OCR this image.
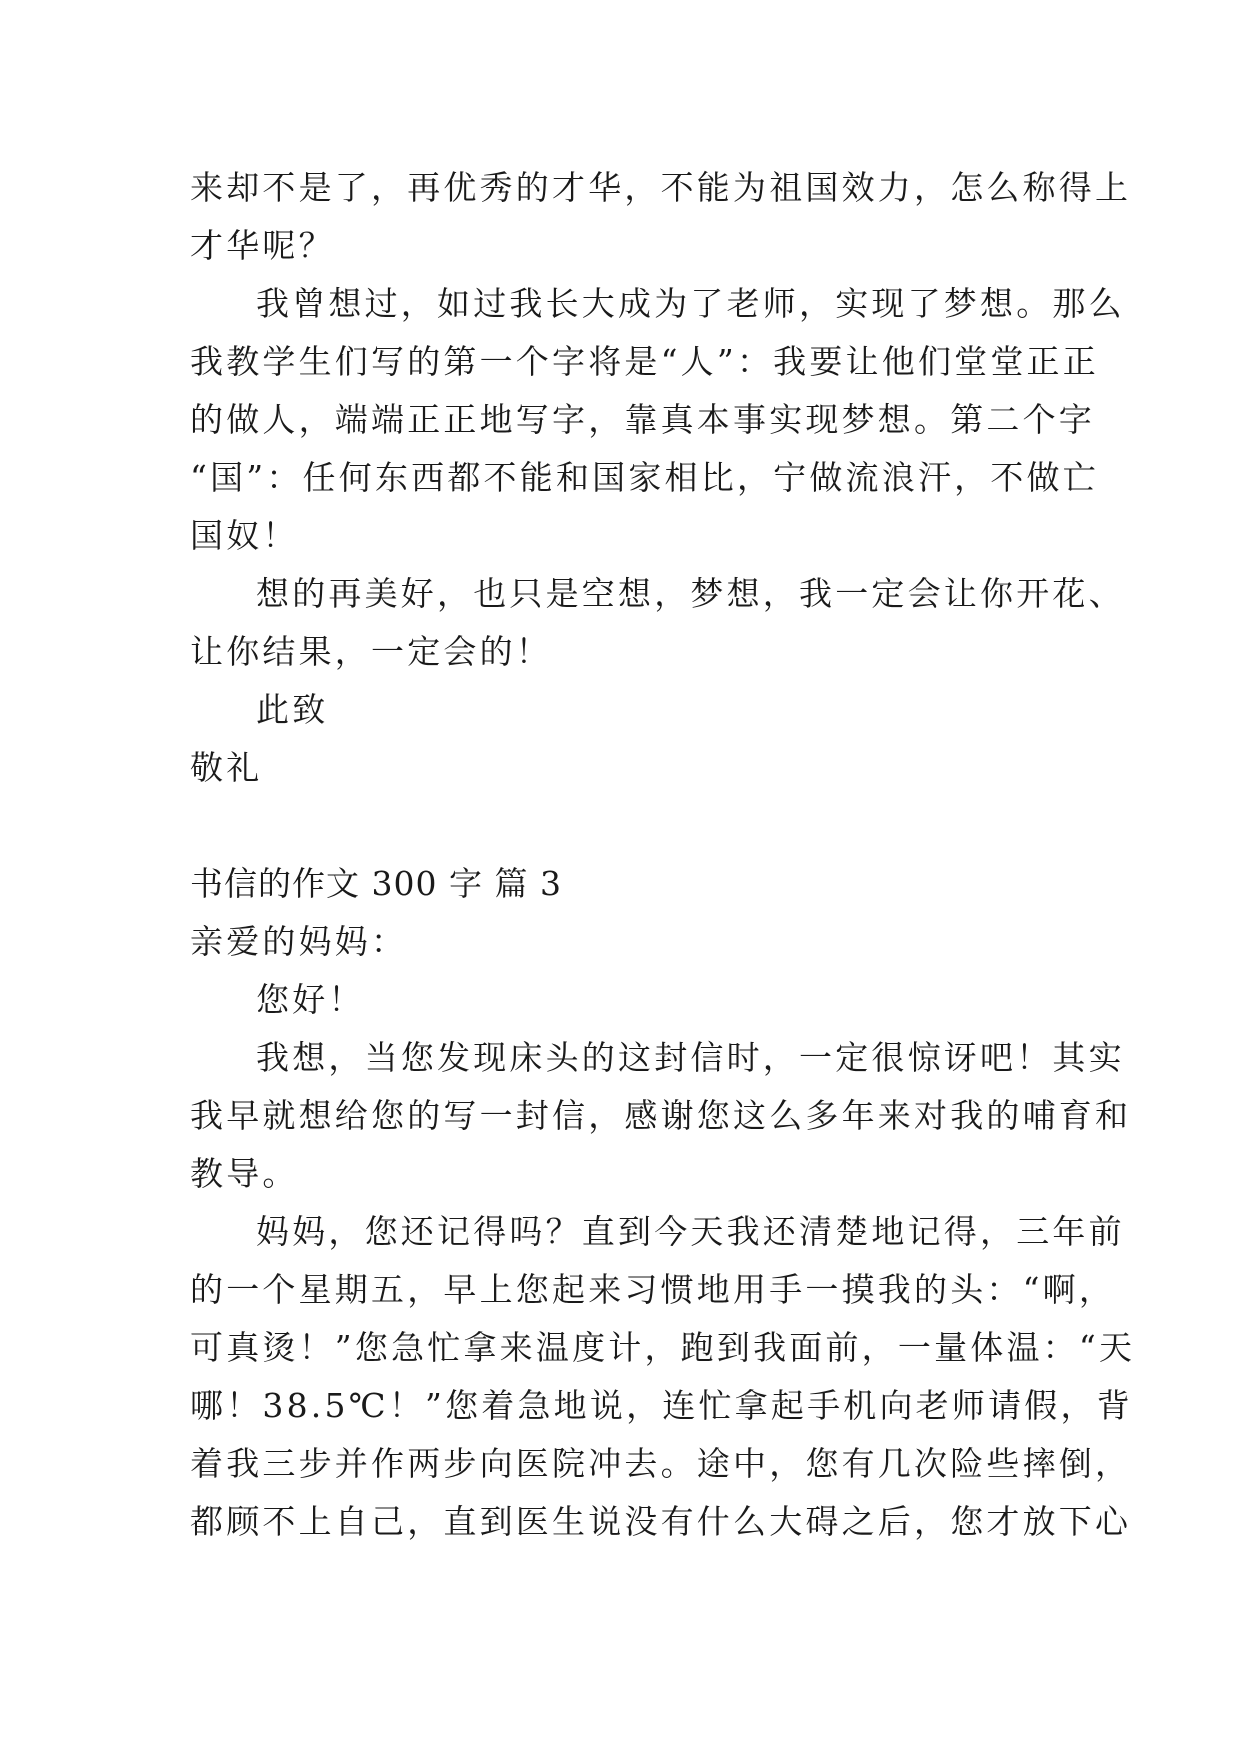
来却不是了，再优秀的才华，不能为祖国效力，怎么称得上
才华呢？
我曾想过，如过我长大成为了老师，实现了梦想。那么
我教学生们写的第一个字将是“人”：我要让他们堂堂正正
的做人，端端正正地写字，靠真本事实现梦想。第二个字
“国”：任何东西都不能和国家相比，宁做流浪汗，不做亡
国奴！
想的再美好，也只是空想，梦想，我一定会让你开花、
让你结果，一定会的！
此致
敬礼
书信的作文 300 字 篇 3
亲爱的妈妈：
您好！
我想，当您发现床头的这封信时，一定很惊讶吧！其实
我早就想给您的写一封信，感谢您这么多年来对我的哺育和
教导。
妈妈，您还记得吗？直到今天我还清楚地记得，三年前
的一个星期五，早上您起来习惯地用手一摸我的头：“啊，
可真烫！”您急忙拿来温度计，跑到我面前，一量体温：“天
哪！38.5℃！”您着急地说，连忙拿起手机向老师请假，背
着我三步并作两步向医院冲去。途中，您有几次险些摔倒，
都顾不上自己，直到医生说没有什么大碍之后，您才放下心
